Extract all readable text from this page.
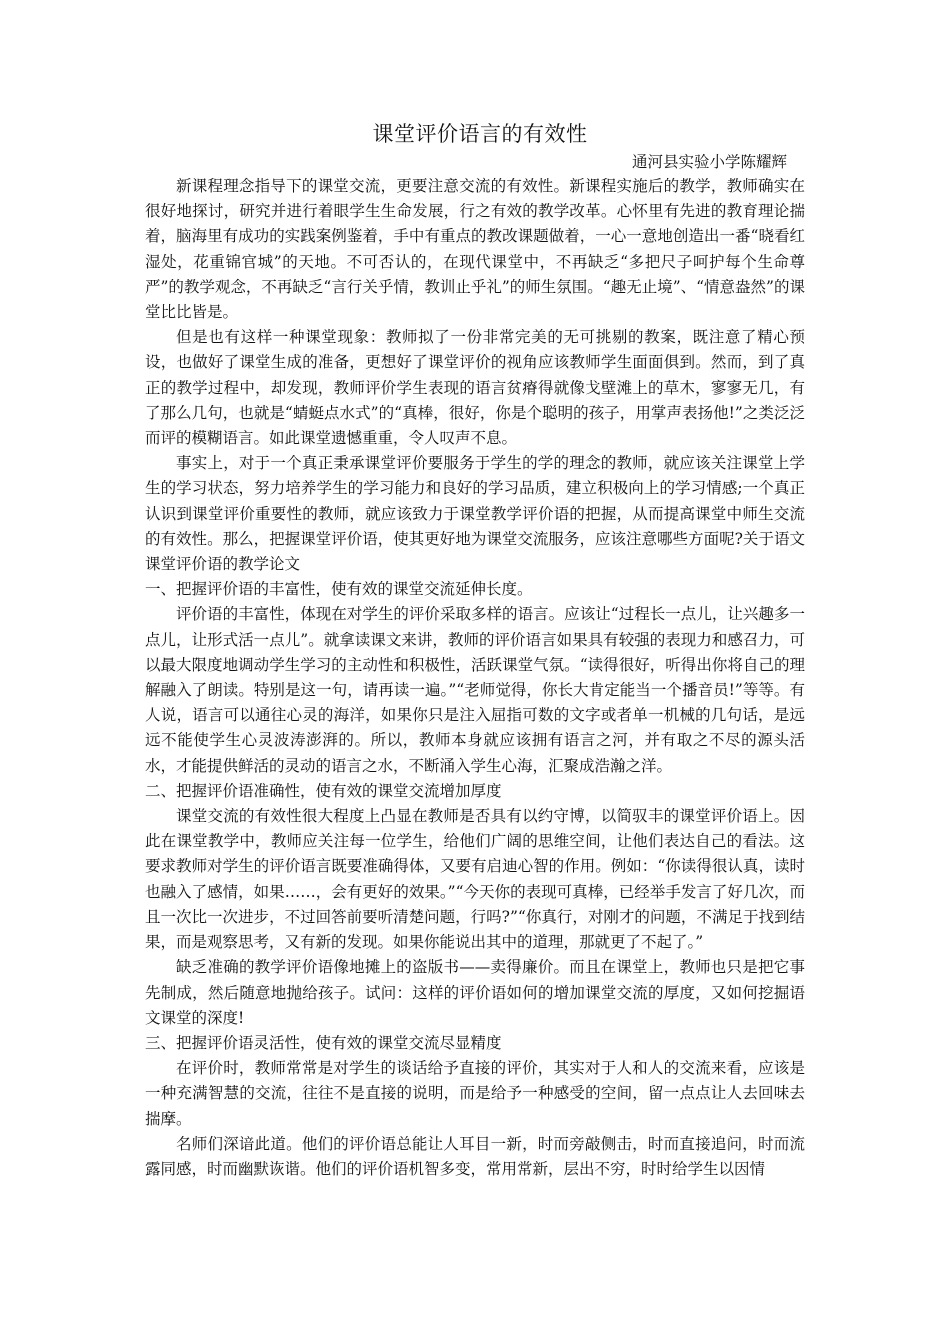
课堂评价语言的有效性
通河县实验小学陈耀辉

新课程理念指导下的课堂交流，更要注意交流的有效性。新课程实施后的教学，教师确实在很好地探讨，研究并进行着眼学生生命发展，行之有效的教学改革。心怀里有先进的教育理论揣着，脑海里有成功的实践案例鉴着，手中有重点的教改课题做着，一心一意地创造出一番“晓看红湿处，花重锦官城”的天地。不可否认的，在现代课堂中，不再缺乏“多把尺子呵护每个生命尊严”的教学观念，不再缺乏“言行关乎情，教训止乎礼”的师生氛围。“趣无止境”、“情意盎然”的课堂比比皆是。

但是也有这样一种课堂现象：教师拟了一份非常完美的无可挑剔的教案，既注意了精心预设，也做好了课堂生成的准备，更想好了课堂评价的视角应该教师学生面面俱到。然而，到了真正的教学过程中，却发现，教师评价学生表现的语言贫瘠得就像戈壁滩上的草木，寥寥无几，有了那么几句，也就是“蜻蜓点水式”的“真棒，很好，你是个聪明的孩子，用掌声表扬他!”之类泛泛而评的模糊语言。如此课堂遗憾重重，令人叹声不息。

事实上，对于一个真正秉承课堂评价要服务于学生的学的理念的教师，就应该关注课堂上学生的学习状态，努力培养学生的学习能力和良好的学习品质，建立积极向上的学习情感;一个真正认识到课堂评价重要性的教师，就应该致力于课堂教学评价语的把握，从而提高课堂中师生交流的有效性。那么，把握课堂评价语，使其更好地为课堂交流服务，应该注意哪些方面呢?关于语文课堂评价语的教学论文

一、把握评价语的丰富性，使有效的课堂交流延伸长度。

评价语的丰富性，体现在对学生的评价采取多样的语言。应该让“过程长一点儿，让兴趣多一点儿，让形式活一点儿”。就拿读课文来讲，教师的评价语言如果具有较强的表现力和感召力，可以最大限度地调动学生学习的主动性和积极性，活跃课堂气氛。“读得很好，听得出你将自己的理解融入了朗读。特别是这一句，请再读一遍。”“老师觉得，你长大肯定能当一个播音员!”等等。有人说，语言可以通往心灵的海洋，如果你只是注入屈指可数的文字或者单一机械的几句话，是远远不能使学生心灵波涛澎湃的。所以，教师本身就应该拥有语言之河，并有取之不尽的源头活水，才能提供鲜活的灵动的语言之水，不断涌入学生心海，汇聚成浩瀚之洋。

二、把握评价语准确性，使有效的课堂交流增加厚度

课堂交流的有效性很大程度上凸显在教师是否具有以约守博，以简驭丰的课堂评价语上。因此在课堂教学中，教师应关注每一位学生，给他们广阔的思维空间，让他们表达自己的看法。这要求教师对学生的评价语言既要准确得体，又要有启迪心智的作用。例如：“你读得很认真，读时也融入了感情，如果……，会有更好的效果。”“今天你的表现可真棒，已经举手发言了好几次，而且一次比一次进步，不过回答前要听清楚问题，行吗?”“你真行，对刚才的问题，不满足于找到结果，而是观察思考，又有新的发现。如果你能说出其中的道理，那就更了不起了。”

缺乏准确的教学评价语像地摊上的盗版书——卖得廉价。而且在课堂上，教师也只是把它事先制成，然后随意地抛给孩子。试问：这样的评价语如何的增加课堂交流的厚度，又如何挖掘语文课堂的深度!

三、把握评价语灵活性，使有效的课堂交流尽显精度

在评价时，教师常常是对学生的谈话给予直接的评价，其实对于人和人的交流来看，应该是一种充满智慧的交流，往往不是直接的说明，而是给予一种感受的空间，留一点点让人去回味去揣摩。

名师们深谙此道。他们的评价语总能让人耳目一新，时而旁敲侧击，时而直接追问，时而流露同感，时而幽默诙谐。他们的评价语机智多变，常用常新，层出不穷，时时给学生以因情
